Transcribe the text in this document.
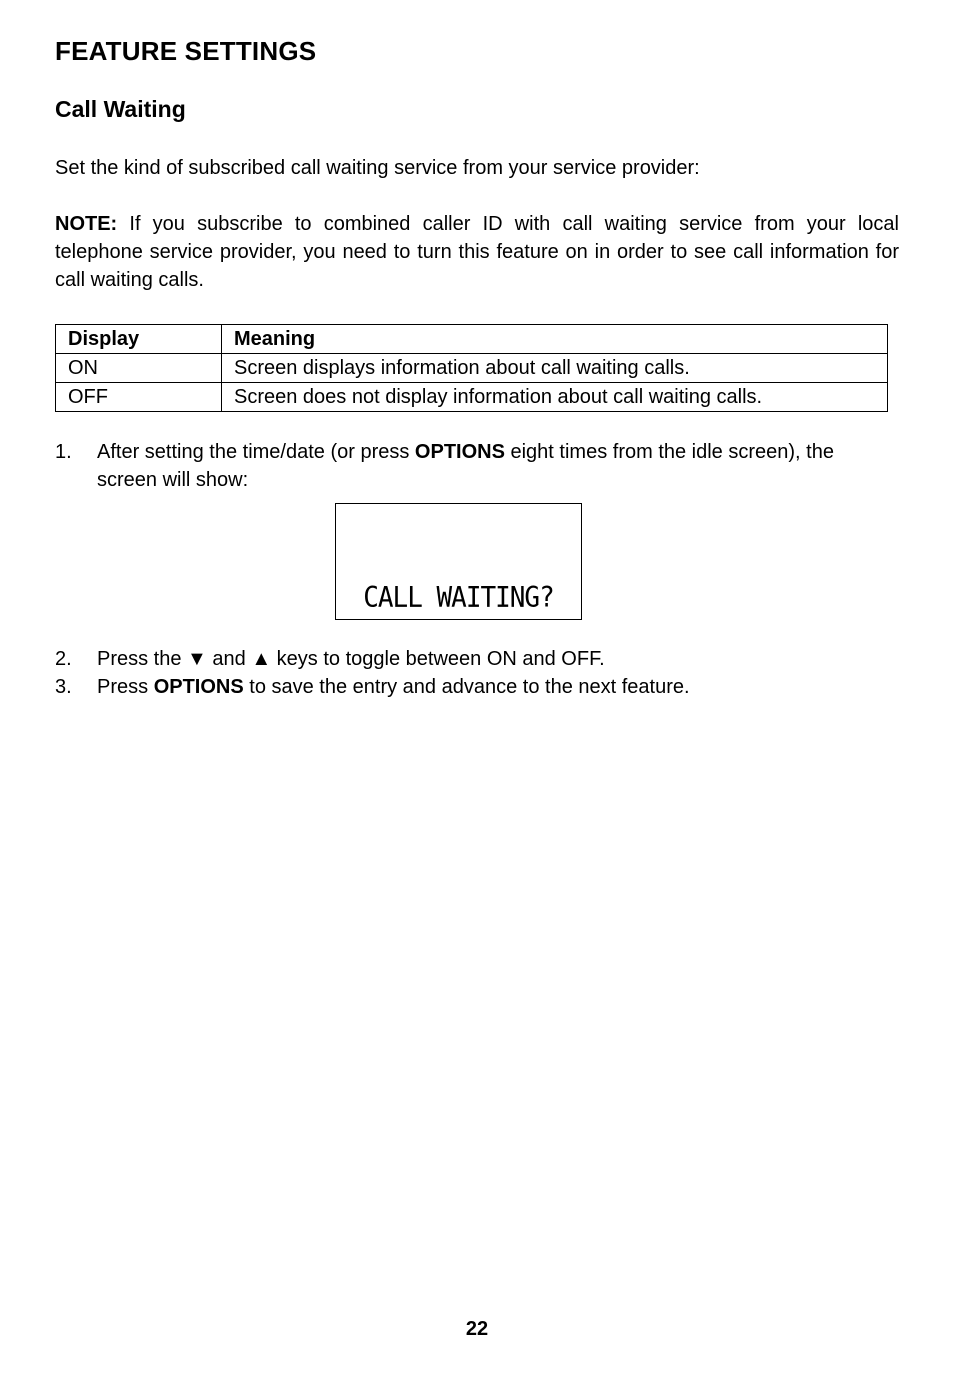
FEATURE SETTINGS
Call Waiting

Set the kind of subscribed call waiting service from your service provider:

NOTE: If you subscribe to combined caller ID with call waiting service from your local telephone service provider, you need to turn this feature on in order to see call information for call waiting calls.

Display	Meaning
ON	Screen displays information about call waiting calls.
OFF	Screen does not display information about call waiting calls.
1. After setting the time/date (or press OPTIONS eight times from the idle screen), the screen will show:
CALL WAITING?
2. Press the ▼ and ▲ keys to toggle between ON and OFF.
3. Press OPTIONS to save the entry and advance to the next feature.
22
